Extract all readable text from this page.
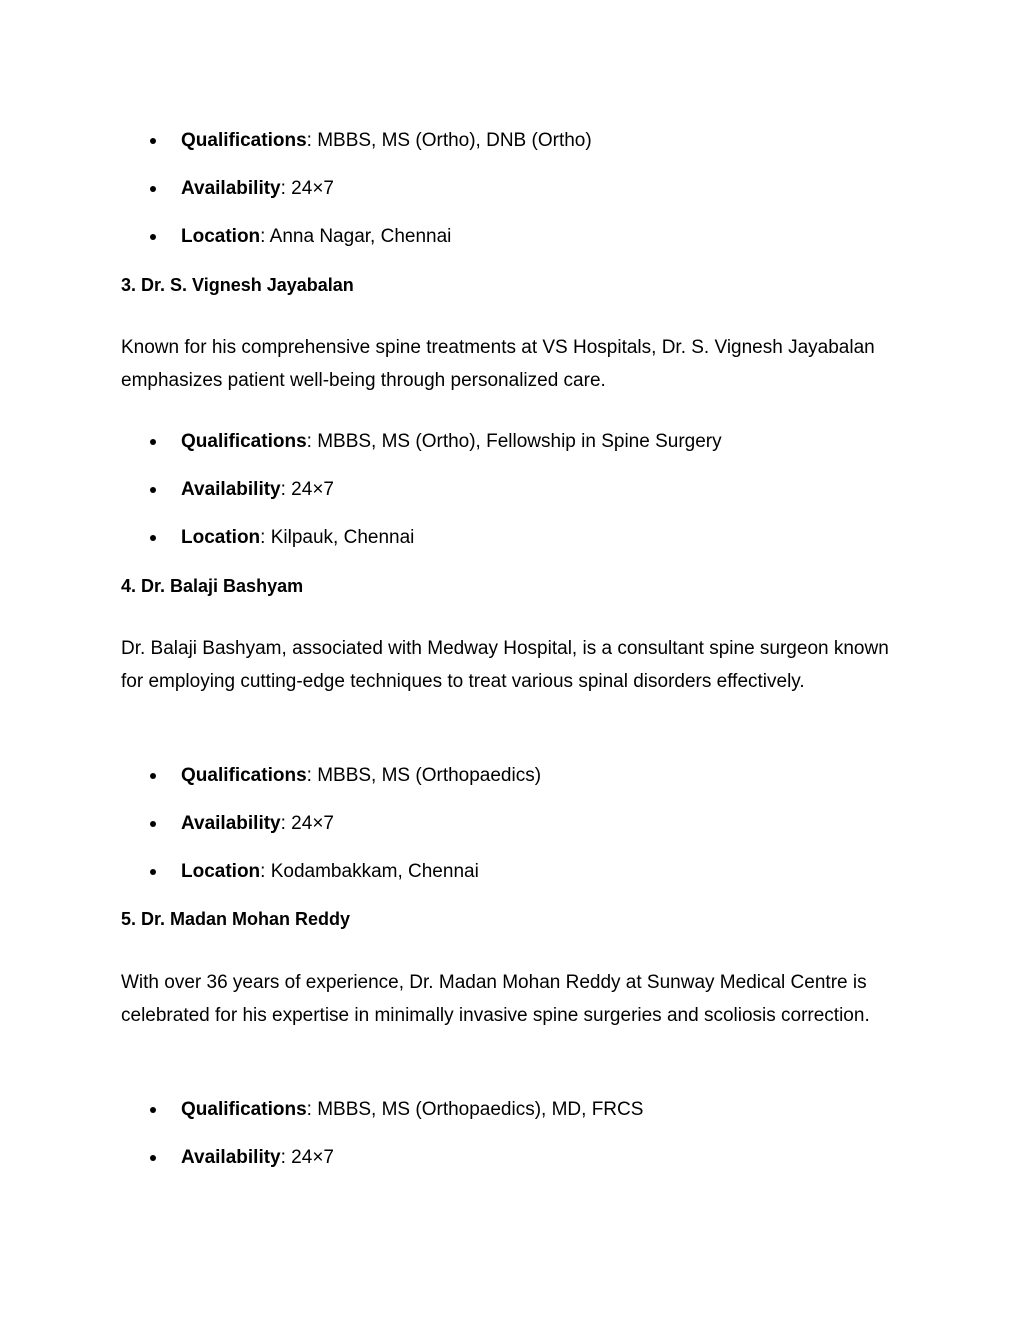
Qualifications: MBBS, MS (Ortho), DNB (Ortho)
Availability: 24×7
Location: Anna Nagar, Chennai
3. Dr. S. Vignesh Jayabalan

Known for his comprehensive spine treatments at VS Hospitals, Dr. S. Vignesh Jayabalan emphasizes patient well-being through personalized care.

Qualifications: MBBS, MS (Ortho), Fellowship in Spine Surgery
Availability: 24×7
Location: Kilpauk, Chennai
4. Dr. Balaji Bashyam

Dr. Balaji Bashyam, associated with Medway Hospital, is a consultant spine surgeon known for employing cutting-edge techniques to treat various spinal disorders effectively.

Qualifications: MBBS, MS (Orthopaedics)
Availability: 24×7
Location: Kodambakkam, Chennai
5. Dr. Madan Mohan Reddy

With over 36 years of experience, Dr. Madan Mohan Reddy at Sunway Medical Centre is celebrated for his expertise in minimally invasive spine surgeries and scoliosis correction.

Qualifications: MBBS, MS (Orthopaedics), MD, FRCS
Availability: 24×7
